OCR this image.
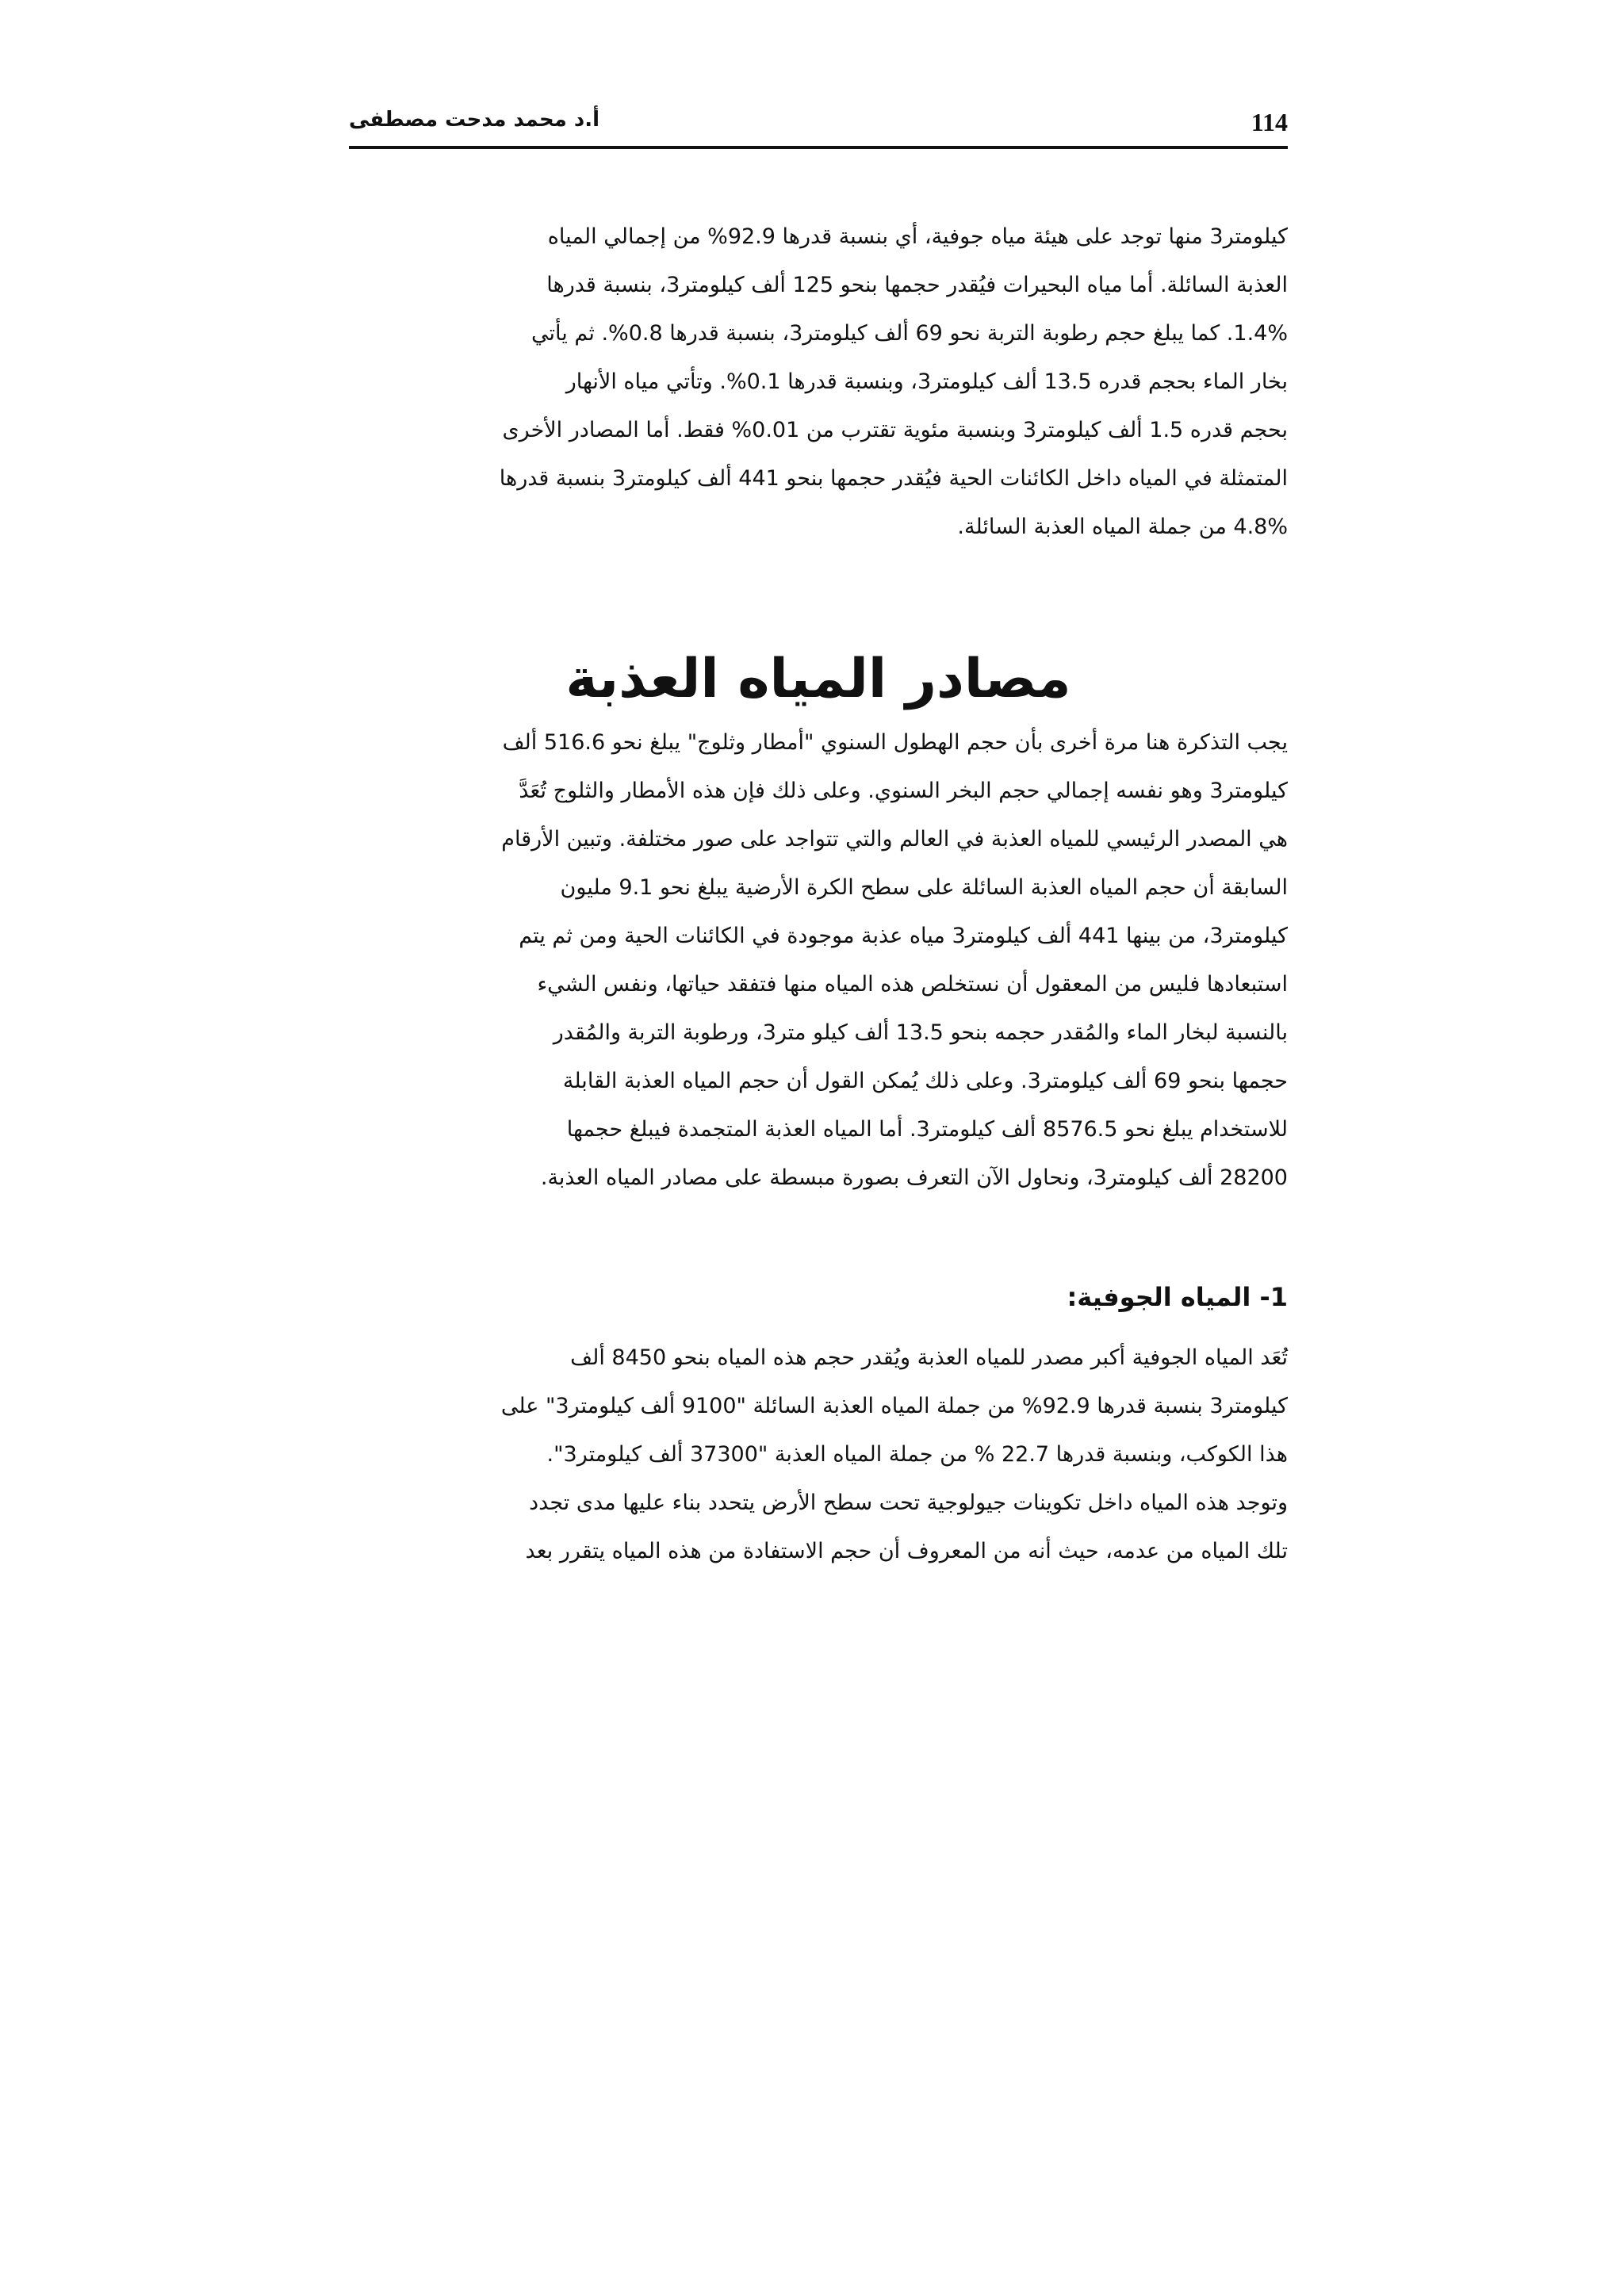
أ.د محمد مدحت مصطفى	114
كيلومتر3 منها توجد على هيئة مياه جوفية، أي بنسبة قدرها 92.9% من إجمالي المياه
العذبة السائلة. أما مياه البحيرات فيُقدر حجمها بنحو 125 ألف كيلومتر3، بنسبة قدرها
1.4%. كما يبلغ حجم رطوبة التربة نحو 69 ألف كيلومتر3، بنسبة قدرها 0.8%. ثم يأتي
بخار الماء بحجم قدره 13.5 ألف كيلومتر3، وبنسبة قدرها 0.1%. وتأتي مياه الأنهار
بحجم قدره 1.5 ألف كيلومتر3 وبنسبة مئوية تقترب من 0.01% فقط. أما المصادر الأخرى
المتمثلة في المياه داخل الكائنات الحية فيُقدر حجمها بنحو 441 ألف كيلومتر3 بنسبة قدرها
4.8% من جملة المياه العذبة السائلة.
مصادر المياه العذبة
يجب التذكرة هنا مرة أخرى بأن حجم الهطول السنوي "أمطار وثلوج" يبلغ نحو 516.6 ألف
كيلومتر3 وهو نفسه إجمالي حجم البخر السنوي. وعلى ذلك فإن هذه الأمطار والثلوج تُعَدَّ
هي المصدر الرئيسي للمياه العذبة في العالم والتي تتواجد على صور مختلفة. وتبين الأرقام
السابقة أن حجم المياه العذبة السائلة على سطح الكرة الأرضية يبلغ نحو 9.1 مليون
كيلومتر3، من بينها 441 ألف كيلومتر3 مياه عذبة موجودة في الكائنات الحية ومن ثم يتم
استبعادها فليس من المعقول أن نستخلص هذه المياه منها فتفقد حياتها، ونفس الشيء
بالنسبة لبخار الماء والمُقدر حجمه بنحو 13.5 ألف كيلو متر3، ورطوبة التربة والمُقدر
حجمها بنحو 69 ألف كيلومتر3. وعلى ذلك يُمكن القول أن حجم المياه العذبة القابلة
للاستخدام يبلغ نحو 8576.5 ألف كيلومتر3. أما المياه العذبة المتجمدة فيبلغ حجمها
28200 ألف كيلومتر3، ونحاول الآن التعرف بصورة مبسطة على مصادر المياه العذبة.
1- المياه الجوفية:
تُعَد المياه الجوفية أكبر مصدر للمياه العذبة ويُقدر حجم هذه المياه بنحو 8450 ألف
كيلومتر3 بنسبة قدرها 92.9% من جملة المياه العذبة السائلة "9100 ألف كيلومتر3" على
هذا الكوكب، وبنسبة قدرها 22.7 % من جملة المياه العذبة "37300 ألف كيلومتر3".
وتوجد هذه المياه داخل تكوينات جيولوجية تحت سطح الأرض يتحدد بناء عليها مدى تجدد
تلك المياه من عدمه، حيث أنه من المعروف أن حجم الاستفادة من هذه المياه يتقرر بعد
